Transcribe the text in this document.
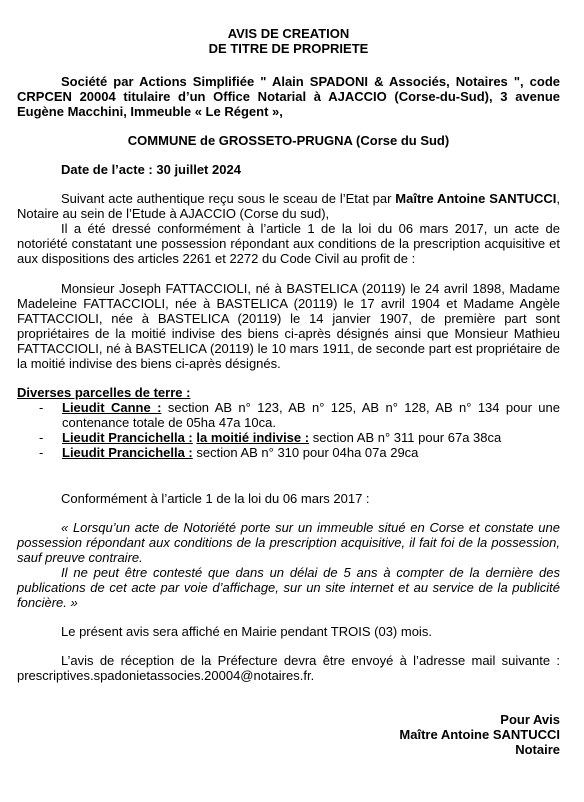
AVIS DE CREATION
DE TITRE DE PROPRIETE

Société par Actions Simplifiée " Alain SPADONI & Associés, Notaires ", code CRPCEN 20004 titulaire d’un Office Notarial à AJACCIO (Corse-du-Sud), 3 avenue Eugène Macchini, Immeuble « Le Régent »,

COMMUNE de GROSSETO-PRUGNA (Corse du Sud)

Date de l’acte : 30 juillet 2024

Suivant acte authentique reçu sous le sceau de l’Etat par Maître Antoine SANTUCCI, Notaire au sein de l’Etude à AJACCIO (Corse du sud),

Il a été dressé conformément à l’article 1 de la loi du 06 mars 2017, un acte de notoriété constatant une possession répondant aux conditions de la prescription acquisitive et aux dispositions des articles 2261 et 2272 du Code Civil au profit de :

Monsieur Joseph FATTACCIOLI, né à BASTELICA (20119) le 24 avril 1898, Madame Madeleine FATTACCIOLI, née à BASTELICA (20119) le 17 avril 1904 et Madame Angèle FATTACCIOLI, née à BASTELICA (20119) le 14 janvier 1907, de première part sont propriétaires de la moitié indivise des biens ci-après désignés ainsi que Monsieur Mathieu FATTACCIOLI, né à BASTELICA (20119) le 10 mars 1911, de seconde part est propriétaire de la moitié indivise des biens ci-après désignés.

Diverses parcelles de terre :

- Lieudit Canne : section AB n° 123, AB n° 125, AB n° 128, AB n° 134 pour une contenance totale de 05ha 47a 10ca.
- Lieudit Prancichella : la moitié indivise : section AB n° 311 pour 67a 38ca
- Lieudit Prancichella : section AB n° 310 pour 04ha 07a 29ca

Conformément à l’article 1 de la loi du 06 mars 2017 :

« Lorsqu’un acte de Notoriété porte sur un immeuble situé en Corse et constate une possession répondant aux conditions de la prescription acquisitive, il fait foi de la possession, sauf preuve contraire.

Il ne peut être contesté que dans un délai de 5 ans à compter de la dernière des publications de cet acte par voie d’affichage, sur un site internet et au service de la publicité foncière. »

Le présent avis sera affiché en Mairie pendant TROIS (03) mois.

L’avis de réception de la Préfecture devra être envoyé à l’adresse mail suivante : prescriptives.spadonietassocies.20004@notaires.fr.

Pour Avis
Maître Antoine SANTUCCI
Notaire
